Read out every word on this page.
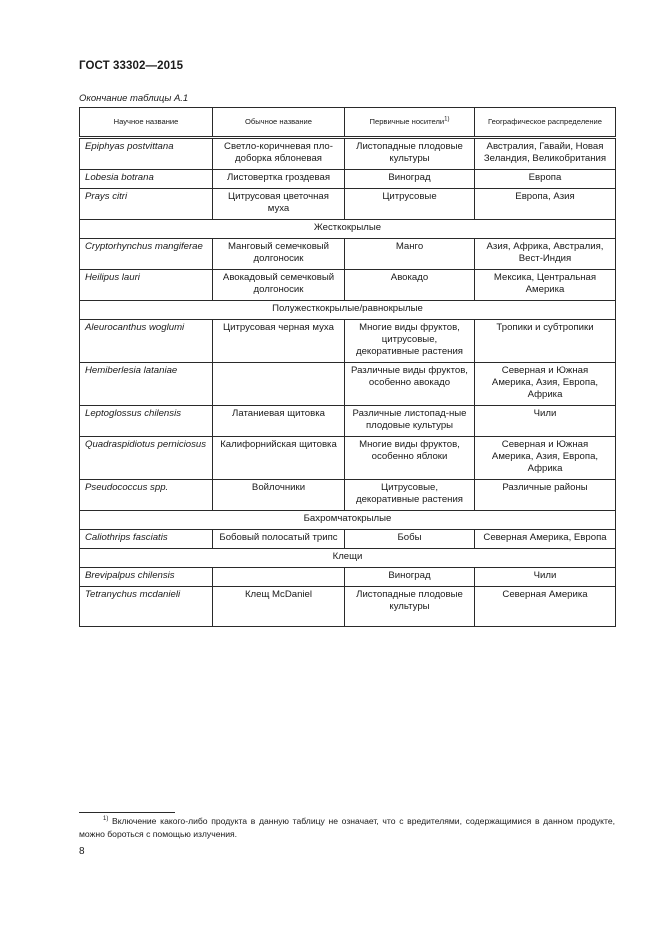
ГОСТ 33302—2015
Окончание таблицы А.1
Научное название	Обычное название	Первичные носители$^{1)}$	Географическое распределение
Epiphyas postvittana	Светло-коричневая пло-доборка яблоневая	Листопадные плодовые культуры	Австралия, Гавайи, Новая Зеландия, Великобритания
Lobesia botrana	Листовертка гроздевая	Виноград	Европа
Prays citri	Цитрусовая цветочная муха	Цитрусовые	Европа, Азия
Жесткокрылые			
Cryptorhynchus mangiferae	Манговый семечковый долгоносик	Манго	Азия, Африка, Австралия, Вест-Индия
Heilipus lauri	Авокадовый семечковый долгоносик	Авокадо	Мексика, Центральная Америка
Полужесткокрылые/равнокрылые			
Aleurocanthus woglumi	Цитрусовая черная муха	Многие виды фруктов, цитрусовые, декоративные растения	Тропики и субтропики
Hemiberlesia lataniae		Различные виды фруктов, особенно авокадо	Северная и Южная Америка, Азия, Европа, Африка
Leptoglossus chilensis	Латаниевая щитовка	Различные листопад-ные плодовые культуры	Чили
Quadraspidiotus perniciosus	Калифорнийская щитовка	Многие виды фруктов, особенно яблоки	Северная и Южная Америка, Азия, Европа, Африка
Pseudococcus spp.	Войлочники	Цитрусовые, декоративные растения	Различные районы
Бахромчатокрылые			
Caliothrips fasciatis	Бобовый полосатый трипс	Бобы	Северная Америка, Европа
Клещи			
Brevipalpus chilensis		Виноград	Чили
Tetranychus mcdanieli	Клещ McDaniel	Листопадные плодовые культуры	Северная Америка
$^{1)}$ Включение какого-либо продукта в данную таблицу не означает, что с вредителями, содержащимися в данном продукте, можно бороться с помощью излучения.
8
